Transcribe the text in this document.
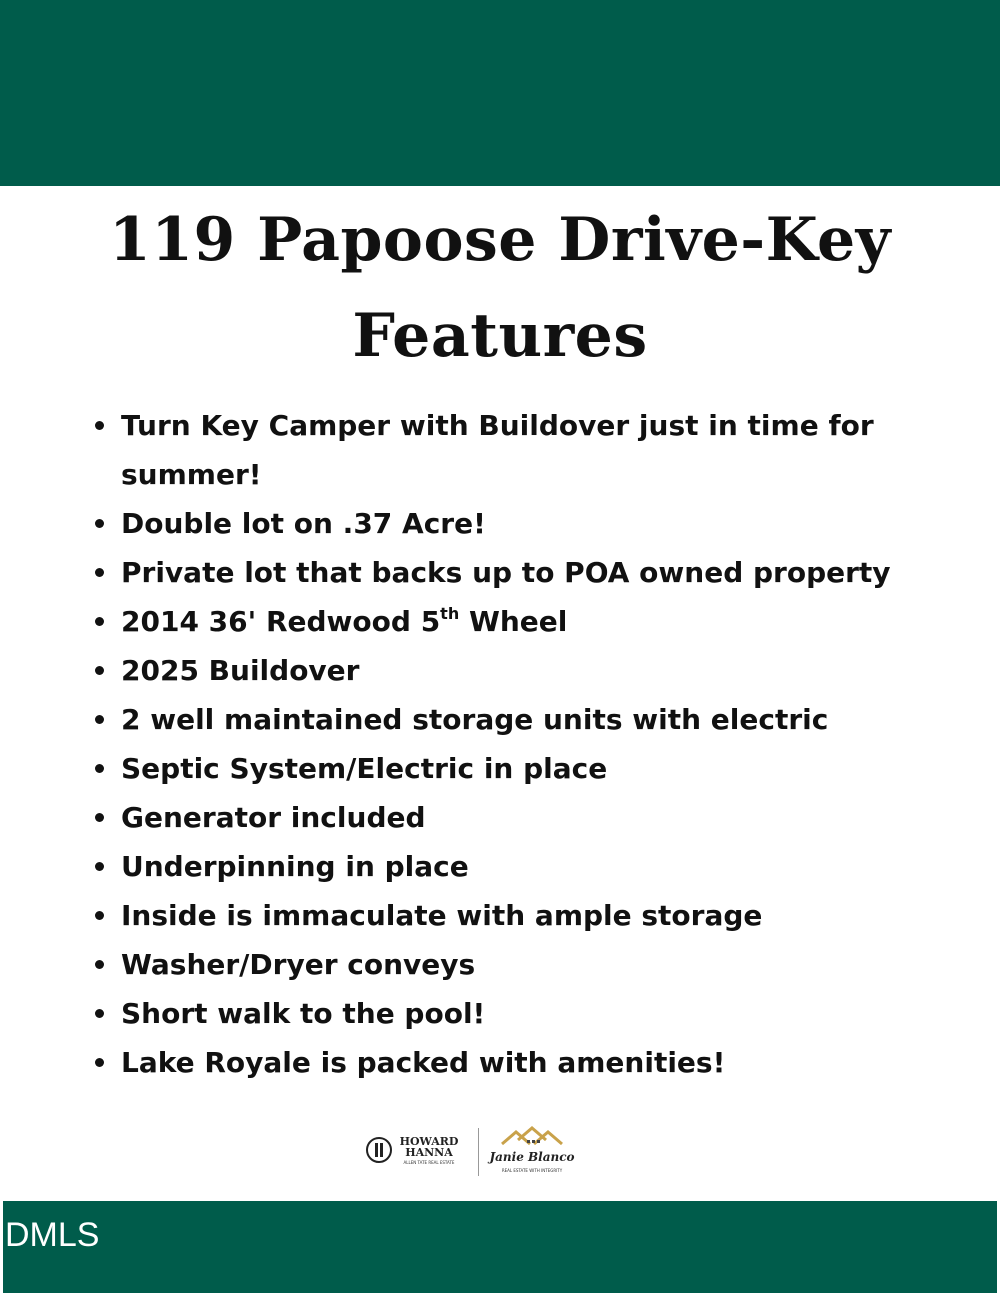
119 Papoose Drive-Key Features
Turn Key Camper with Buildover just in time for summer!
Double lot on .37 Acre!
Private lot that backs up to POA owned property
2014 36' Redwood 5th Wheel
2025 Buildover
2 well maintained storage units with electric
Septic System/Electric in place
Generator included
Underpinning in place
Inside is immaculate with ample storage
Washer/Dryer conveys
Short walk to the pool!
Lake Royale is packed with amenities!
HOWARD
HANNA
ALLEN TATE REAL ESTATE	Janie Blanco
REAL ESTATE WITH INTEGRITY
DMLS
